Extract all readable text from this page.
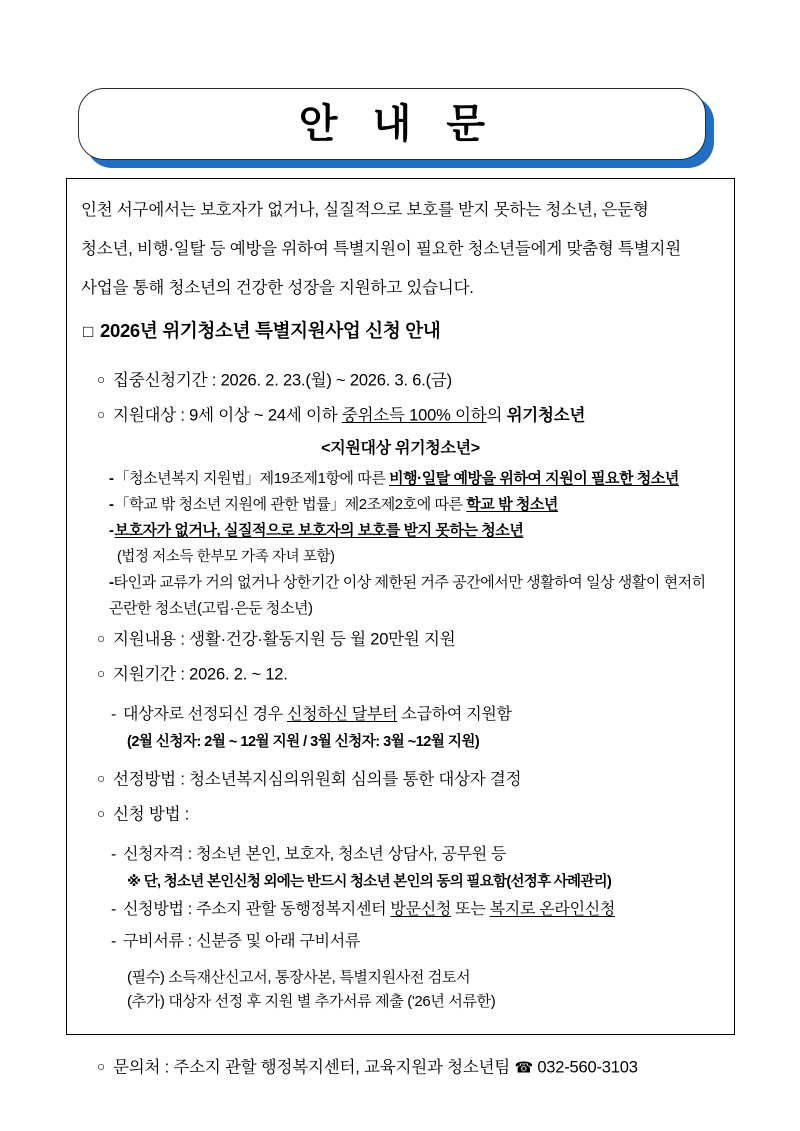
안 내 문

인천 서구에서는 보호자가 없거나, 실질적으로 보호를 받지 못하는 청소년, 은둔형
청소년, 비행·일탈 등 예방을 위하여 특별지원이 필요한 청소년들에게 맞춤형 특별지원
사업을 통해 청소년의 건강한 성장을 지원하고 있습니다.

□ 2026년 위기청소년 특별지원사업 신청 안내
○ 집중신청기간 : 2026. 2. 23.(월) ~ 2026. 3. 6.(금)
○ 지원대상 : 9세 이상 ~ 24세 이하 중위소득 100% 이하의 위기청소년
<지원대상 위기청소년>
-「청소년복지 지원법」제19조제1항에 따른 비행·일탈 예방을 위하여 지원이 필요한 청소년
-「학교 밖 청소년 지원에 관한 법률」제2조제2호에 따른 학교 밖 청소년
-보호자가 없거나, 실질적으로 보호자의 보호를 받지 못하는 청소년
(법정 저소득 한부모 가족 자녀 포함)
-타인과 교류가 거의 없거나 상한기간 이상 제한된 거주 공간에서만 생활하여 일상 생활이 현저히 곤란한 청소년(고립·은둔 청소년)
○ 지원내용 : 생활·건강·활동지원 등 월 20만원 지원
○ 지원기간 : 2026. 2. ~ 12.
- 대상자로 선정되신 경우 신청하신 달부터 소급하여 지원함
(2월 신청자: 2월 ~ 12월 지원 / 3월 신청자: 3월 ~12월 지원)
○ 선정방법 : 청소년복지심의위원회 심의를 통한 대상자 결정
○ 신청 방법 :
- 신청자격 : 청소년 본인, 보호자, 청소년 상담사, 공무원 등
※ 단, 청소년 본인신청 외에는 반드시 청소년 본인의 동의 필요함(선정후 사례관리)
- 신청방법 : 주소지 관할 동행정복지센터 방문신청 또는 복지로 온라인신청
- 구비서류 : 신분증 및 아래 구비서류
(필수) 소득재산신고서, 통장사본, 특별지원사전 검토서
(추가) 대상자 선정 후 지원 별 추가서류 제출 ('26년 서류한)
○ 문의처 : 주소지 관할 행정복지센터, 교육지원과 청소년팀 ☎ 032-560-3103
